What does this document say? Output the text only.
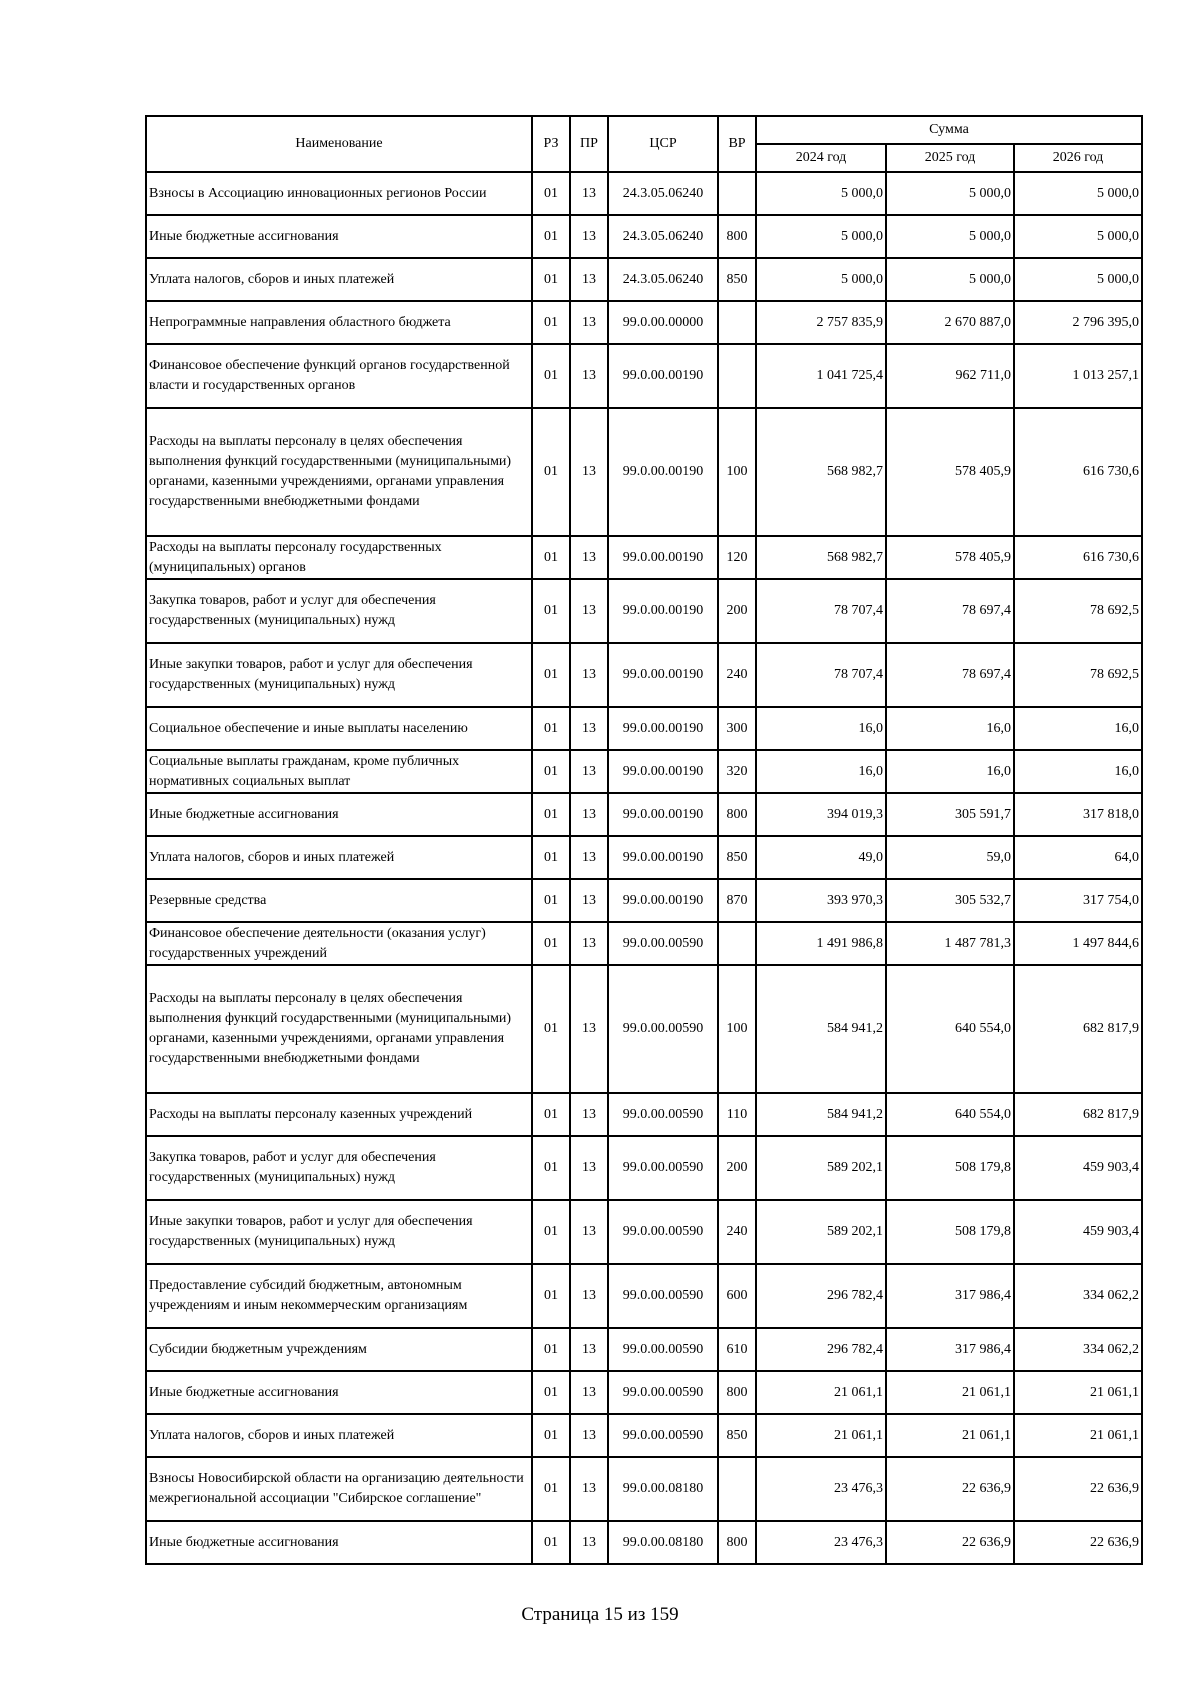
Наименование	РЗ	ПР	ЦСР	ВР	Сумма		
					2024 год	2025 год	2026 год
Взносы в Ассоциацию инновационных регионов России	01	13	24.3.05.06240		5 000,0	5 000,0	5 000,0
Иные бюджетные ассигнования	01	13	24.3.05.06240	800	5 000,0	5 000,0	5 000,0
Уплата налогов, сборов и иных платежей	01	13	24.3.05.06240	850	5 000,0	5 000,0	5 000,0
Непрограммные направления областного бюджета	01	13	99.0.00.00000		2 757 835,9	2 670 887,0	2 796 395,0
Финансовое обеспечение функций органов государственной власти и государственных органов	01	13	99.0.00.00190		1 041 725,4	962 711,0	1 013 257,1
Расходы на выплаты персоналу в целях обеспечения выполнения функций государственными (муниципальными) органами, казенными учреждениями, органами управления государственными внебюджетными фондами	01	13	99.0.00.00190	100	568 982,7	578 405,9	616 730,6
Расходы на выплаты персоналу государственных (муниципальных) органов	01	13	99.0.00.00190	120	568 982,7	578 405,9	616 730,6
Закупка товаров, работ и услуг для обеспечения государственных (муниципальных) нужд	01	13	99.0.00.00190	200	78 707,4	78 697,4	78 692,5
Иные закупки товаров, работ и услуг для обеспечения государственных (муниципальных) нужд	01	13	99.0.00.00190	240	78 707,4	78 697,4	78 692,5
Социальное обеспечение и иные выплаты населению	01	13	99.0.00.00190	300	16,0	16,0	16,0
Социальные выплаты гражданам, кроме публичных нормативных социальных выплат	01	13	99.0.00.00190	320	16,0	16,0	16,0
Иные бюджетные ассигнования	01	13	99.0.00.00190	800	394 019,3	305 591,7	317 818,0
Уплата налогов, сборов и иных платежей	01	13	99.0.00.00190	850	49,0	59,0	64,0
Резервные средства	01	13	99.0.00.00190	870	393 970,3	305 532,7	317 754,0
Финансовое обеспечение деятельности (оказания услуг) государственных учреждений	01	13	99.0.00.00590		1 491 986,8	1 487 781,3	1 497 844,6
Расходы на выплаты персоналу в целях обеспечения выполнения функций государственными (муниципальными) органами, казенными учреждениями, органами управления государственными внебюджетными фондами	01	13	99.0.00.00590	100	584 941,2	640 554,0	682 817,9
Расходы на выплаты персоналу казенных учреждений	01	13	99.0.00.00590	110	584 941,2	640 554,0	682 817,9
Закупка товаров, работ и услуг для обеспечения государственных (муниципальных) нужд	01	13	99.0.00.00590	200	589 202,1	508 179,8	459 903,4
Иные закупки товаров, работ и услуг для обеспечения государственных (муниципальных) нужд	01	13	99.0.00.00590	240	589 202,1	508 179,8	459 903,4
Предоставление субсидий бюджетным, автономным учреждениям и иным некоммерческим организациям	01	13	99.0.00.00590	600	296 782,4	317 986,4	334 062,2
Субсидии бюджетным учреждениям	01	13	99.0.00.00590	610	296 782,4	317 986,4	334 062,2
Иные бюджетные ассигнования	01	13	99.0.00.00590	800	21 061,1	21 061,1	21 061,1
Уплата налогов, сборов и иных платежей	01	13	99.0.00.00590	850	21 061,1	21 061,1	21 061,1
Взносы Новосибирской области на организацию деятельности межрегиональной ассоциации "Сибирское соглашение"	01	13	99.0.00.08180		23 476,3	22 636,9	22 636,9
Иные бюджетные ассигнования	01	13	99.0.00.08180	800	23 476,3	22 636,9	22 636,9
Страница 15 из 159
